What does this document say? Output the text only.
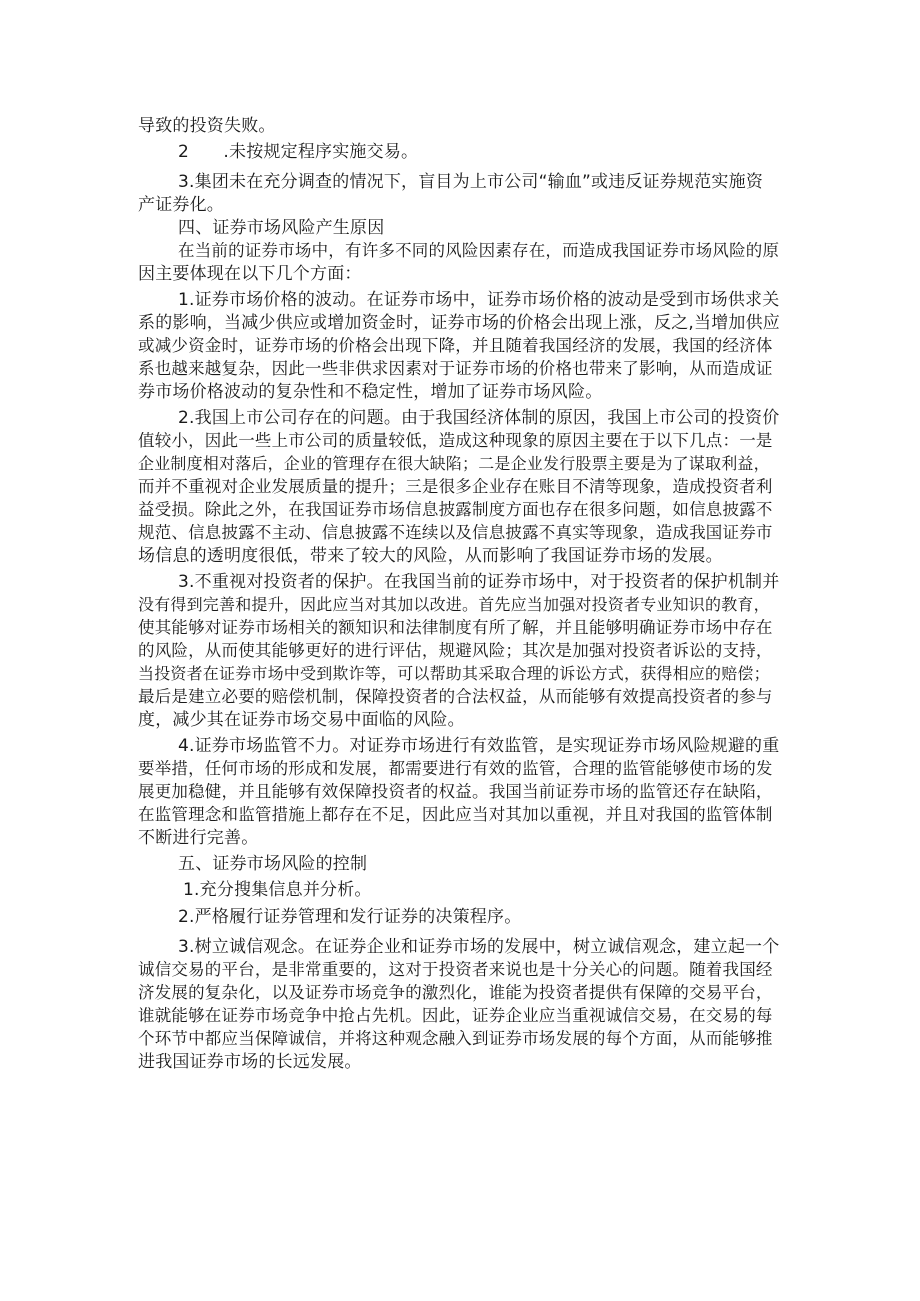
导致的投资失败。
2　　.未按规定程序实施交易。
3.集团未在充分调查的情况下，盲目为上市公司“输血”或违反证券规范实施资
产证券化。
四、证券市场风险产生原因
在当前的证券市场中，有许多不同的风险因素存在，而造成我国证券市场风险的原
因主要体现在以下几个方面：
1.证券市场价格的波动。在证券市场中，证券市场价格的波动是受到市场供求关
系的影响，当减少供应或增加资金时，证券市场的价格会出现上涨，反之,当增加供应
或减少资金时，证券市场的价格会出现下降，并且随着我国经济的发展，我国的经济体
系也越来越复杂，因此一些非供求因素对于证券市场的价格也带来了影响，从而造成证
券市场价格波动的复杂性和不稳定性，增加了证券市场风险。
2.我国上市公司存在的问题。由于我国经济体制的原因，我国上市公司的投资价
值较小，因此一些上市公司的质量较低，造成这种现象的原因主要在于以下几点：一是
企业制度相对落后，企业的管理存在很大缺陷；二是企业发行股票主要是为了谋取利益，
而并不重视对企业发展质量的提升；三是很多企业存在账目不清等现象，造成投资者利
益受损。除此之外，在我国证券市场信息披露制度方面也存在很多问题，如信息披露不
规范、信息披露不主动、信息披露不连续以及信息披露不真实等现象，造成我国证券市
场信息的透明度很低，带来了较大的风险，从而影响了我国证券市场的发展。
3.不重视对投资者的保护。在我国当前的证券市场中，对于投资者的保护机制并
没有得到完善和提升，因此应当对其加以改进。首先应当加强对投资者专业知识的教育，
使其能够对证券市场相关的额知识和法律制度有所了解，并且能够明确证券市场中存在
的风险，从而使其能够更好的进行评估，规避风险；其次是加强对投资者诉讼的支持，
当投资者在证券市场中受到欺诈等，可以帮助其采取合理的诉讼方式，获得相应的赔偿；
最后是建立必要的赔偿机制，保障投资者的合法权益，从而能够有效提高投资者的参与
度，减少其在证券市场交易中面临的风险。
4.证券市场监管不力。对证券市场进行有效监管，是实现证券市场风险规避的重
要举措，任何市场的形成和发展，都需要进行有效的监管，合理的监管能够使市场的发
展更加稳健，并且能够有效保障投资者的权益。我国当前证券市场的监管还存在缺陷，
在监管理念和监管措施上都存在不足，因此应当对其加以重视，并且对我国的监管体制
不断进行完善。
五、证券市场风险的控制
1.充分搜集信息并分析。
2.严格履行证券管理和发行证券的决策程序。
3.树立诚信观念。在证券企业和证券市场的发展中，树立诚信观念，建立起一个
诚信交易的平台，是非常重要的，这对于投资者来说也是十分关心的问题。随着我国经
济发展的复杂化，以及证券市场竞争的激烈化，谁能为投资者提供有保障的交易平台，
谁就能够在证券市场竞争中抢占先机。因此，证券企业应当重视诚信交易，在交易的每
个环节中都应当保障诚信，并将这种观念融入到证券市场发展的每个方面，从而能够推
进我国证券市场的长远发展。
